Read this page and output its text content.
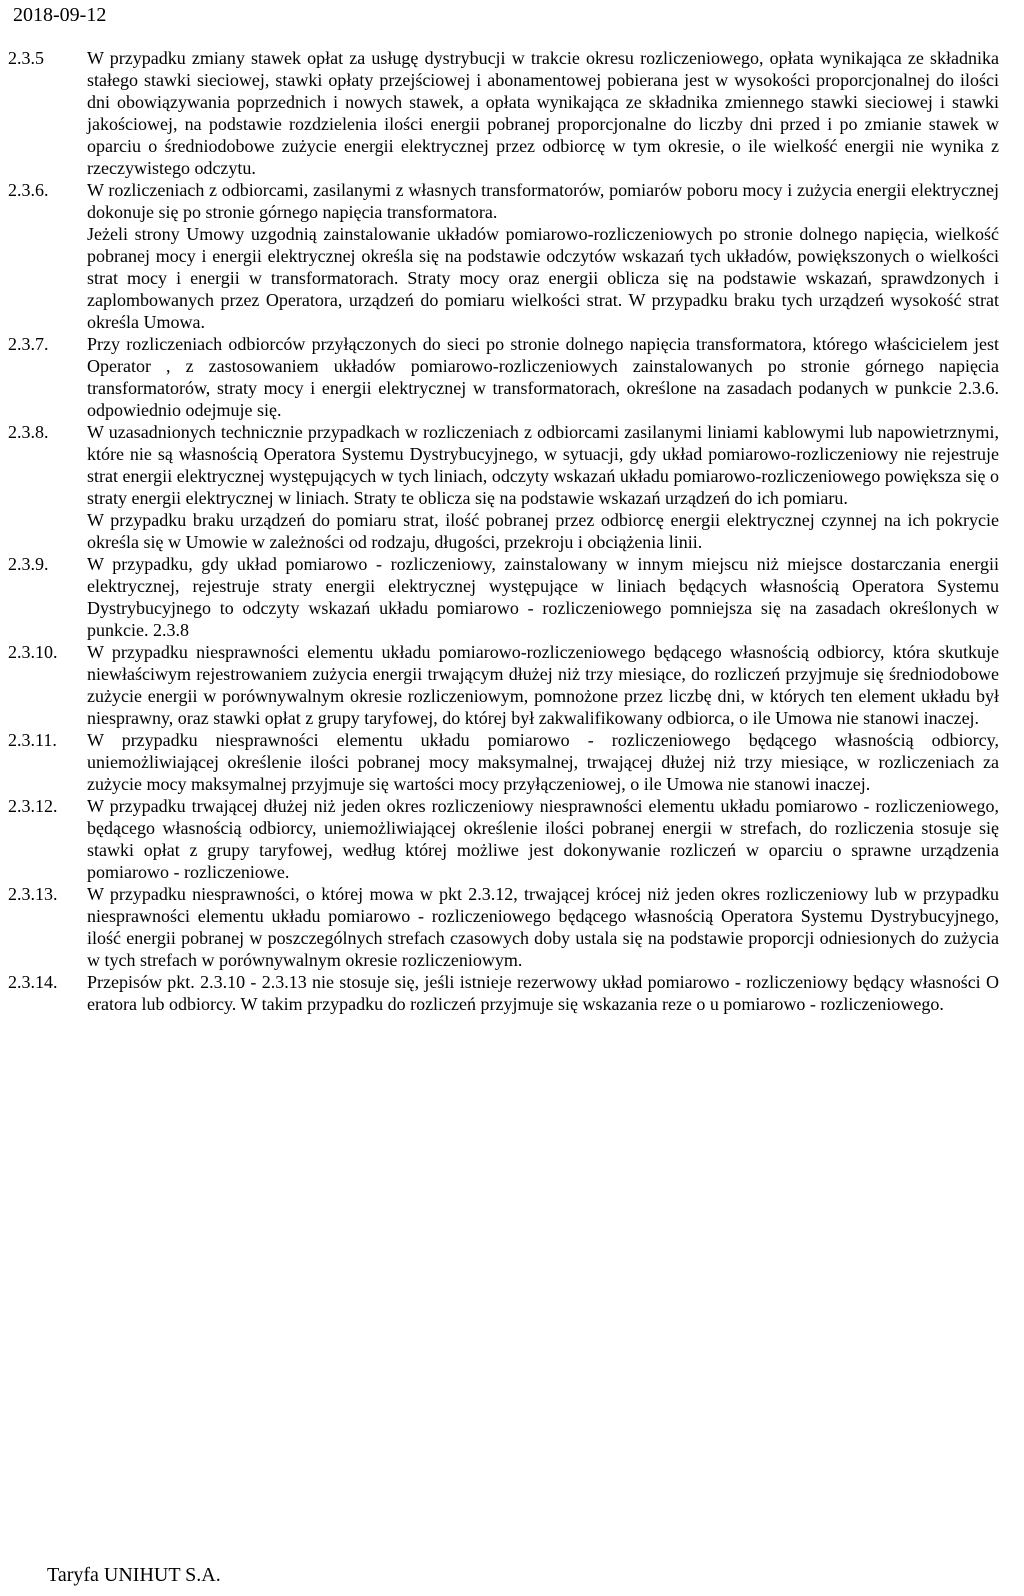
2018-09-12
2.3.5 W przypadku zmiany stawek opłat za usługę dystrybucji w trakcie okresu rozliczeniowego, opłata wynikająca ze składnika stałego stawki sieciowej, stawki opłaty przejściowej i abonamentowej pobierana jest w wysokości proporcjonalnej do ilości dni obowiązywania poprzednich i nowych stawek, a opłata wynikająca ze składnika zmiennego stawki sieciowej i stawki jakościowej, na podstawie rozdzielenia ilości energii pobranej proporcjonalne do liczby dni przed i po zmianie stawek w oparciu o średniodobowe zużycie energii elektrycznej przez odbiorcę w tym okresie, o ile wielkość energii nie wynika z rzeczywistego odczytu.

2.3.6. W rozliczeniach z odbiorcami, zasilanymi z własnych transformatorów, pomiarów poboru mocy i zużycia energii elektrycznej dokonuje się po stronie górnego napięcia transformatora.

Jeżeli strony Umowy uzgodnią zainstalowanie układów pomiarowo-rozliczeniowych po stronie dolnego napięcia, wielkość pobranej mocy i energii elektrycznej określa się na podstawie odczytów wskazań tych układów, powiększonych o wielkości strat mocy i energii w transformatorach. Straty mocy oraz energii oblicza się na podstawie wskazań, sprawdzonych i zaplombowanych przez Operatora, urządzeń do pomiaru wielkości strat. W przypadku braku tych urządzeń wysokość strat określa Umowa.

2.3.7. Przy rozliczeniach odbiorców przyłączonych do sieci po stronie dolnego napięcia transformatora, którego właścicielem jest Operator , z zastosowaniem układów pomiarowo-rozliczeniowych zainstalowanych po stronie górnego napięcia transformatorów, straty mocy i energii elektrycznej w transformatorach, określone na zasadach podanych w punkcie 2.3.6. odpowiednio odejmuje się.

2.3.8. W uzasadnionych technicznie przypadkach w rozliczeniach z odbiorcami zasilanymi liniami kablowymi lub napowietrznymi, które nie są własnością Operatora Systemu Dystrybucyjnego, w sytuacji, gdy układ pomiarowo-rozliczeniowy nie rejestruje strat energii elektrycznej występujących w tych liniach, odczyty wskazań układu pomiarowo-rozliczeniowego powiększa się o straty energii elektrycznej w liniach. Straty te oblicza się na podstawie wskazań urządzeń do ich pomiaru.

W przypadku braku urządzeń do pomiaru strat, ilość pobranej przez odbiorcę energii elektrycznej czynnej na ich pokrycie określa się w Umowie w zależności od rodzaju, długości, przekroju i obciążenia linii.

2.3.9. W przypadku, gdy układ pomiarowo - rozliczeniowy, zainstalowany w innym miejscu niż miejsce dostarczania energii elektrycznej, rejestruje straty energii elektrycznej występujące w liniach będących własnością Operatora Systemu Dystrybucyjnego to odczyty wskazań układu pomiarowo - rozliczeniowego pomniejsza się na zasadach określonych w punkcie. 2.3.8

2.3.10. W przypadku niesprawności elementu układu pomiarowo-rozliczeniowego będącego własnością odbiorcy, która skutkuje niewłaściwym rejestrowaniem zużycia energii trwającym dłużej niż trzy miesiące, do rozliczeń przyjmuje się średniodobowe zużycie energii w porównywalnym okresie rozliczeniowym, pomnożone przez liczbę dni, w których ten element układu był niesprawny, oraz stawki opłat z grupy taryfowej, do której był zakwalifikowany odbiorca, o ile Umowa nie stanowi inaczej.

2.3.11. W przypadku niesprawności elementu układu pomiarowo - rozliczeniowego będącego własnością odbiorcy, uniemożliwiającej określenie ilości pobranej mocy maksymalnej, trwającej dłużej niż trzy miesiące, w rozliczeniach za zużycie mocy maksymalnej przyjmuje się wartości mocy przyłączeniowej, o ile Umowa nie stanowi inaczej.

2.3.12. W przypadku trwającej dłużej niż jeden okres rozliczeniowy niesprawności elementu układu pomiarowo - rozliczeniowego, będącego własnością odbiorcy, uniemożliwiającej określenie ilości pobranej energii w strefach, do rozliczenia stosuje się stawki opłat z grupy taryfowej, według której możliwe jest dokonywanie rozliczeń w oparciu o sprawne urządzenia pomiarowo - rozliczeniowe.

2.3.13. W przypadku niesprawności, o której mowa w pkt 2.3.12, trwającej krócej niż jeden okres rozliczeniowy lub w przypadku niesprawności elementu układu pomiarowo - rozliczeniowego będącego własnością Operatora Systemu Dystrybucyjnego, ilość energii pobranej w poszczególnych strefach czasowych doby ustala się na podstawie proporcji odniesionych do zużycia w tych strefach w porównywalnym okresie rozliczeniowym.

2.3.14. Przepisów pkt. 2.3.10 - 2.3.13 nie stosuje się, jeśli istnieje rezerwowy układ pomiarowo - rozliczeniowy będący własności O eratora lub odbiorcy. W takim przypadku do rozliczeń przyjmuje się wskazania reze o u pomiarowo - rozliczeniowego.

Taryfa UNIHUT S.A.
